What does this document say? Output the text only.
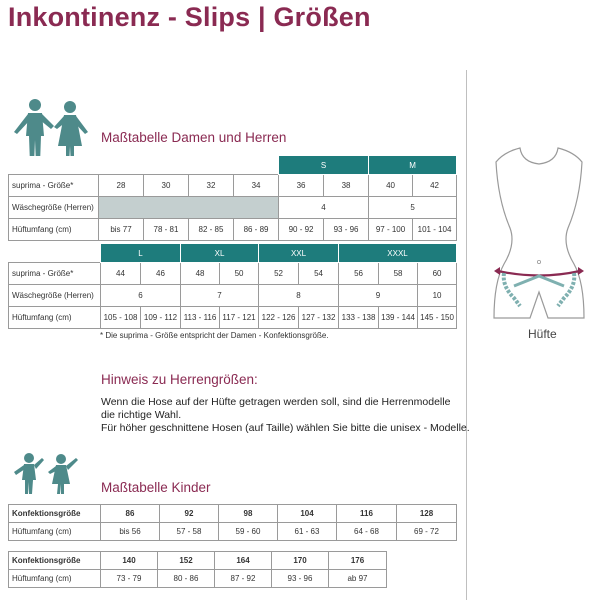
Inkontinenz - Slips | Größen
Maßtabelle Damen und Herren
					S		M	
suprima - Größe*	28	30	32	34	36	38	40	42
Wäschegröße (Herren)					4		5	
Hüftumfang (cm)	bis 77	78 - 81	82 - 85	86 - 89	90 - 92	93 - 96	97 - 100	101 - 104
	L		XL		XXL		XXXL		
suprima - Größe*	44	46	48	50	52	54	56	58	60
Wäschegröße (Herren)	6		7		8		9		10
Hüftumfang (cm)	105 - 108	109 - 112	113 - 116	117 - 121	122 - 126	127 - 132	133 - 138	139 - 144	145 - 150
* Die suprima - Größe entspricht der Damen - Konfektionsgröße.
Hinweis zu Herrengrößen:
Wenn die Hose auf der Hüfte getragen werden soll, sind die Herrenmodelle
die richtige Wahl.
Für höher geschnittene Hosen (auf Taille) wählen Sie bitte die unisex - Modelle.
Maßtabelle Kinder
Konfektionsgröße	86	92	98	104	116	128
Hüftumfang (cm)	bis 56	57 - 58	59 - 60	61 - 63	64 - 68	69 - 72
Konfektionsgröße	140	152	164	170	176
Hüftumfang (cm)	73 - 79	80 - 86	87 - 92	93 - 96	ab 97
Hüfte
